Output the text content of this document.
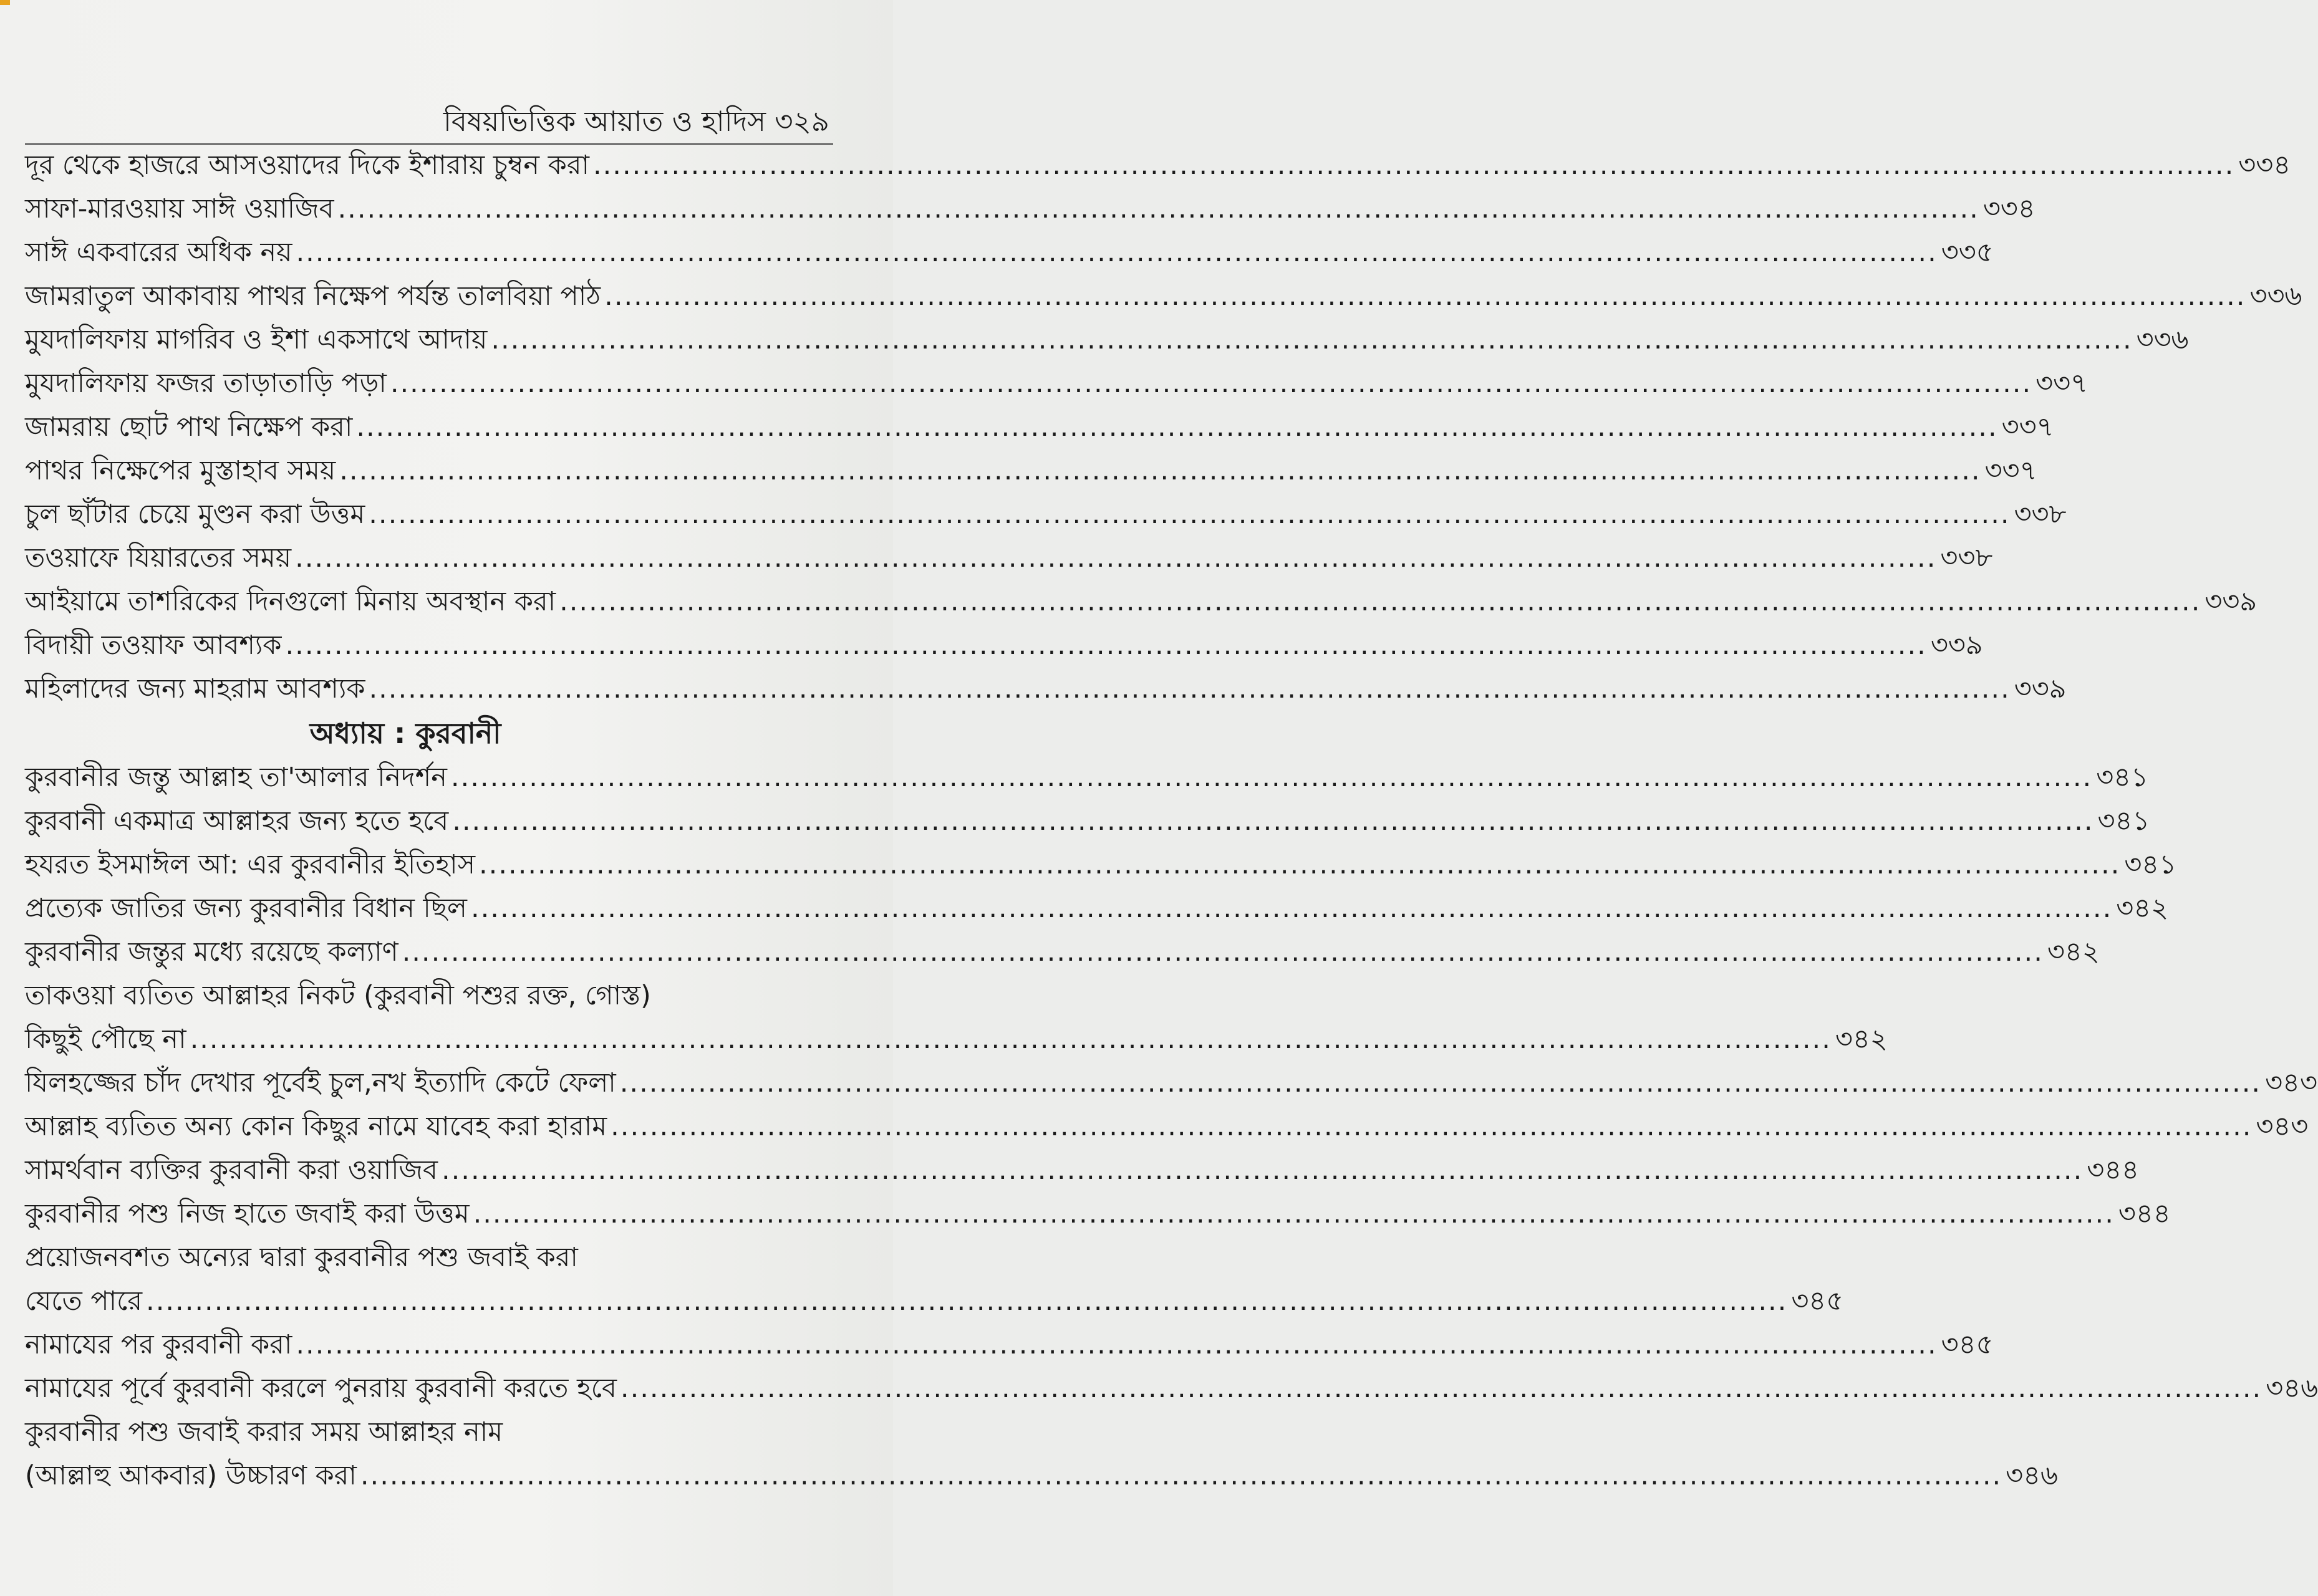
বিষয়ভিত্তিক আয়াত ও হাদিস ৩২৯
দূর থেকে হাজরে আসওয়াদের দিকে ইশারায় চুম্বন করা .....	৩৩৪
সাফা-মারওয়ায় সাঈ ওয়াজিব .....	৩৩৪
সাঈ একবারের অধিক নয় .....	৩৩৫
জামরাতুল আকাবায় পাথর নিক্ষেপ পর্যন্ত তালবিয়া পাঠ .....	৩৩৬
মুযদালিফায় মাগরিব ও ইশা একসাথে আদায় .....	৩৩৬
মুযদালিফায় ফজর তাড়াতাড়ি পড়া .....	৩৩৭
জামরায় ছোট পাথ নিক্ষেপ করা .....	৩৩৭
পাথর নিক্ষেপের মুস্তাহাব সময় .....	৩৩৭
চুল ছাঁটার চেয়ে মুণ্ডন করা উত্তম .....	৩৩৮
তওয়াফে যিয়ারতের সময় .....	৩৩৮
আইয়ামে তাশরিকের দিনগুলো মিনায় অবস্থান করা .....	৩৩৯
বিদায়ী তওয়াফ আবশ্যক .....	৩৩৯
মহিলাদের জন্য মাহরাম আবশ্যক .....	৩৩৯
অধ্যায় : কুরবানী
কুরবানীর জন্তু আল্লাহ তা'আলার নিদর্শন .....	৩৪১
কুরবানী একমাত্র আল্লাহর জন্য হতে হবে .....	৩৪১
হযরত ইসমাঈল আ: এর কুরবানীর ইতিহাস .....	৩৪১
প্রত্যেক জাতির জন্য কুরবানীর বিধান ছিল .....	৩৪২
কুরবানীর জন্তুর মধ্যে রয়েছে কল্যাণ .....	৩৪২
তাকওয়া ব্যতিত আল্লাহর নিকট (কুরবানী পশুর রক্ত, গোস্ত)
কিছুই পৌছে না .....	৩৪২
যিলহজ্জের চাঁদ দেখার পূর্বেই চুল,নখ ইত্যাদি কেটে ফেলা .....	৩৪৩
আল্লাহ ব্যতিত অন্য কোন কিছুর নামে যাবেহ করা হারাম .....	৩৪৩
সামর্থবান ব্যক্তির কুরবানী করা ওয়াজিব .....	৩৪৪
কুরবানীর পশু নিজ হাতে জবাই করা উত্তম .....	৩৪৪
প্রয়োজনবশত অন্যের দ্বারা কুরবানীর পশু জবাই করা
যেতে পারে .....	৩৪৫
নামাযের পর কুরবানী করা .....	৩৪৫
নামাযের পূর্বে কুরবানী করলে পুনরায় কুরবানী করতে হবে .....	৩৪৬
কুরবানীর পশু জবাই করার সময় আল্লাহর নাম
(আল্লাহু আকবার) উচ্চারণ করা .....	৩৪৬
